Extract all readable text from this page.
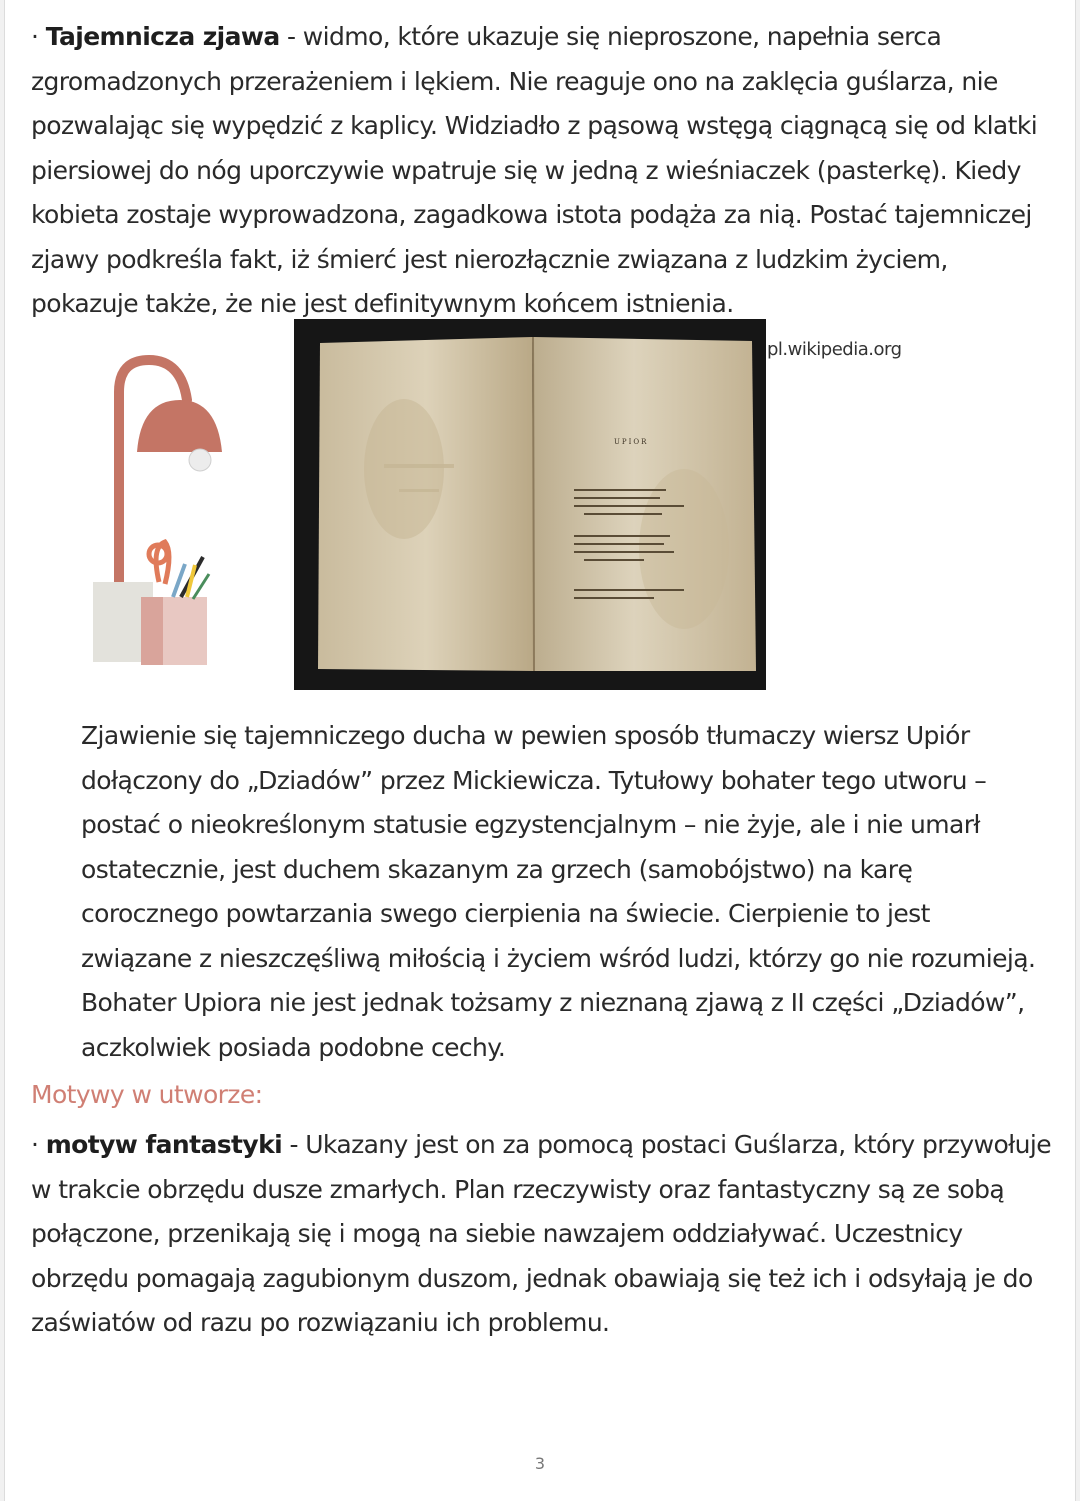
· Tajemnicza zjawa - widmo, które ukazuje się nieproszone, napełnia serca zgromadzonych przerażeniem i lękiem. Nie reaguje ono na zaklęcia guślarza, nie pozwalając się wypędzić z kaplicy. Widziadło z pąsową wstęgą ciągnącą się od klatki piersiowej do nóg uporczywie wpatruje się w jedną z wieśniaczek (pasterkę). Kiedy kobieta zostaje wyprowadzona, zagadkowa istota podąża za nią. Postać tajemniczej zjawy podkreśla fakt, iż śmierć jest nierozłącznie związana z ludzkim życiem, pokazuje także, że nie jest definitywnym końcem istnienia.

UPIOR
pl.wikipedia.org

Zjawienie się tajemniczego ducha w pewien sposób tłumaczy wiersz Upiór dołączony do „Dziadów” przez Mickiewicza. Tytułowy bohater tego utworu – postać o nieokreślonym statusie egzystencjalnym – nie żyje, ale i nie umarł ostatecznie, jest duchem skazanym za grzech (samobójstwo) na karę corocznego powtarzania swego cierpienia na świecie. Cierpienie to jest związane z nieszczęśliwą miłością i życiem wśród ludzi, którzy go nie rozumieją. Bohater Upiora nie jest jednak tożsamy z nieznaną zjawą z II części „Dziadów”, aczkolwiek posiada podobne cechy.

Motywy w utworze:

· motyw fantastyki - Ukazany jest on za pomocą postaci Guślarza, który przywołuje w trakcie obrzędu dusze zmarłych. Plan rzeczywisty oraz fantastyczny są ze sobą połączone, przenikają się i mogą na siebie nawzajem oddziaływać. Uczestnicy obrzędu pomagają zagubionym duszom, jednak obawiają się też ich i odsyłają je do zaświatów od razu po rozwiązaniu ich problemu.

3
